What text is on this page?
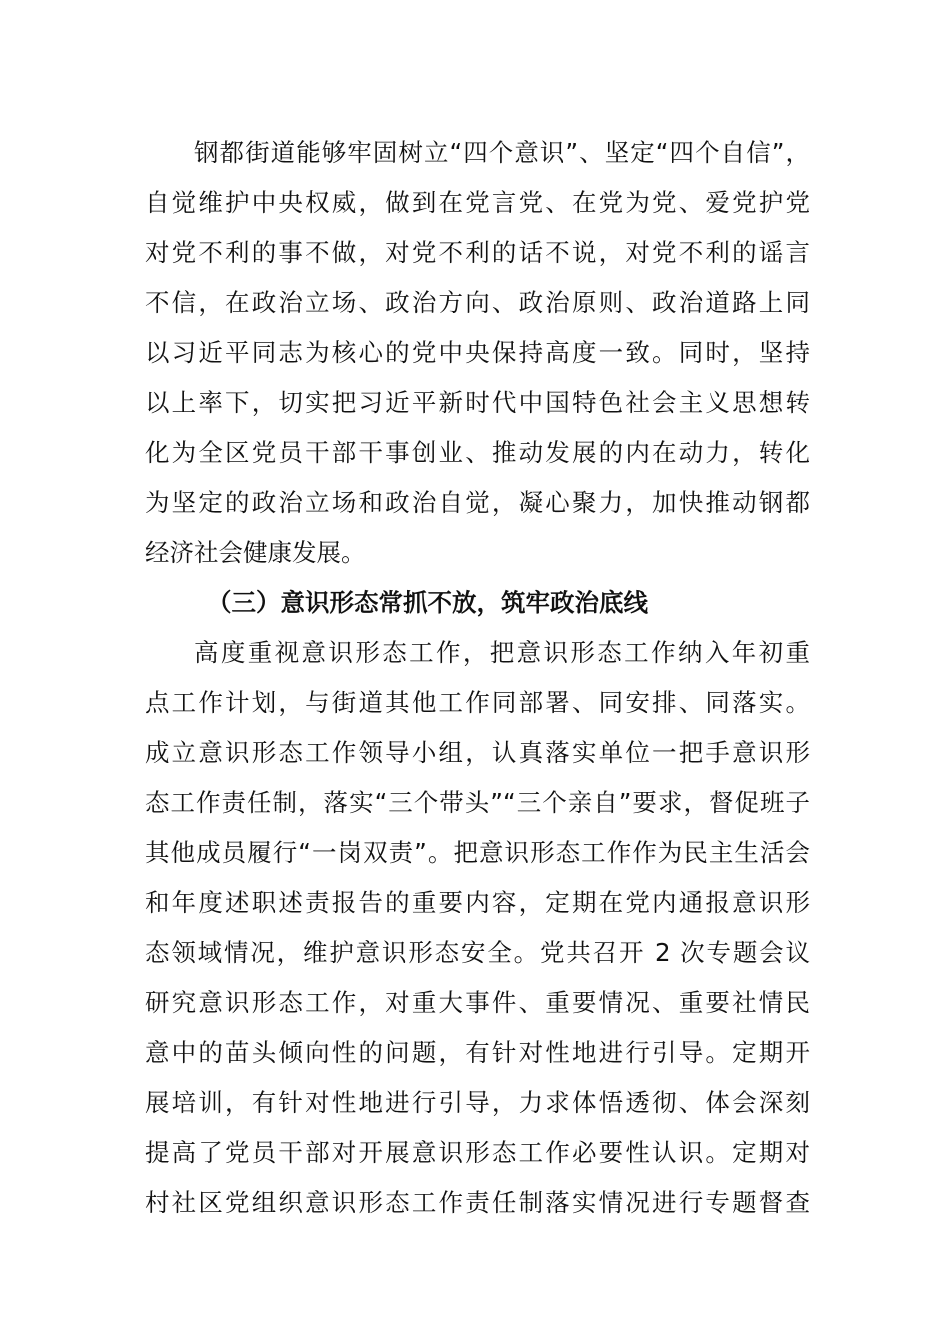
钢都街道能够牢固树立“四个意识”、坚定“四个自信”，
自觉维护中央权威，做到在党言党、在党为党、爱党护党
对党不利的事不做，对党不利的话不说，对党不利的谣言
不信，在政治立场、政治方向、政治原则、政治道路上同
以习近平同志为核心的党中央保持高度一致。同时，坚持
以上率下，切实把习近平新时代中国特色社会主义思想转
化为全区党员干部干事创业、推动发展的内在动力，转化
为坚定的政治立场和政治自觉，凝心聚力，加快推动钢都
经济社会健康发展。
（三）意识形态常抓不放，筑牢政治底线
高度重视意识形态工作，把意识形态工作纳入年初重
点工作计划，与街道其他工作同部署、同安排、同落实。
成立意识形态工作领导小组，认真落实单位一把手意识形
态工作责任制，落实“三个带头”“三个亲自”要求，督促班子
其他成员履行“一岗双责”。把意识形态工作作为民主生活会
和年度述职述责报告的重要内容，定期在党内通报意识形
态领域情况，维护意识形态安全。党共召开 2 次专题会议
研究意识形态工作，对重大事件、重要情况、重要社情民
意中的苗头倾向性的问题，有针对性地进行引导。定期开
展培训，有针对性地进行引导，力求体悟透彻、体会深刻
提高了党员干部对开展意识形态工作必要性认识。定期对
村社区党组织意识形态工作责任制落实情况进行专题督查
